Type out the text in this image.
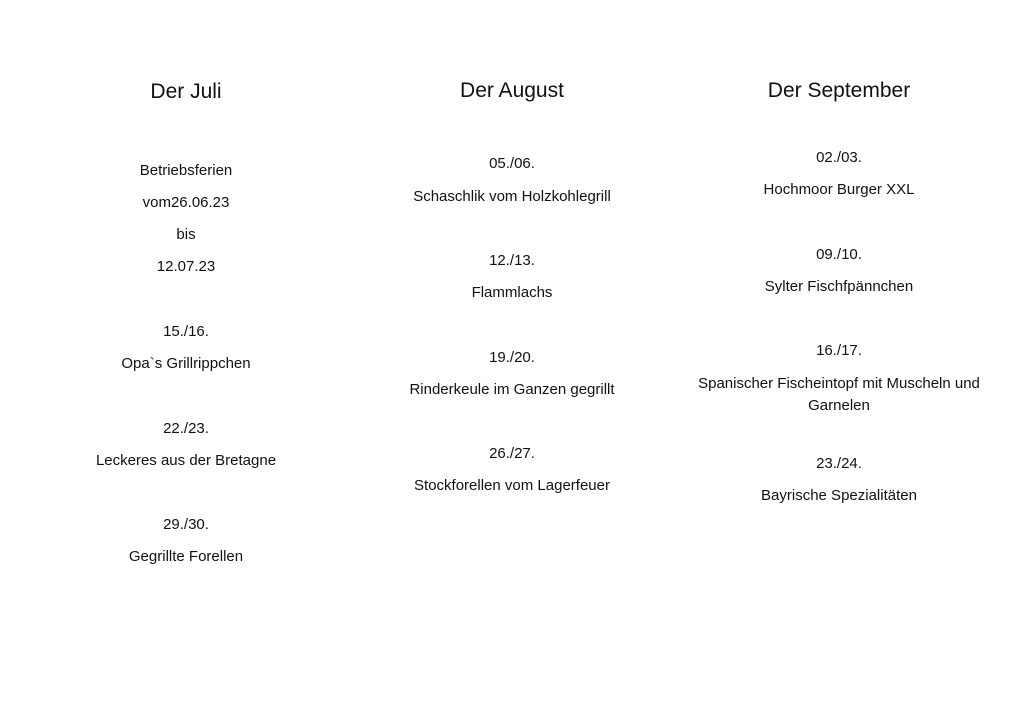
Der Juli
Betriebsferien
vom26.06.23
bis
12.07.23
15./16.
Opa`s Grillrippchen
22./23.
Leckeres aus der Bretagne
29./30.
Gegrillte Forellen
Der August
05./06.
Schaschlik vom Holzkohlegrill
12./13.
Flammlachs
19./20.
Rinderkeule im Ganzen gegrillt
26./27.
Stockforellen vom Lagerfeuer
Der September
02./03.
Hochmoor Burger XXL
09./10.
Sylter Fischfpännchen
16./17.
Spanischer Fischeintopf mit Muscheln und Garnelen
23./24.
Bayrische Spezialitäten
